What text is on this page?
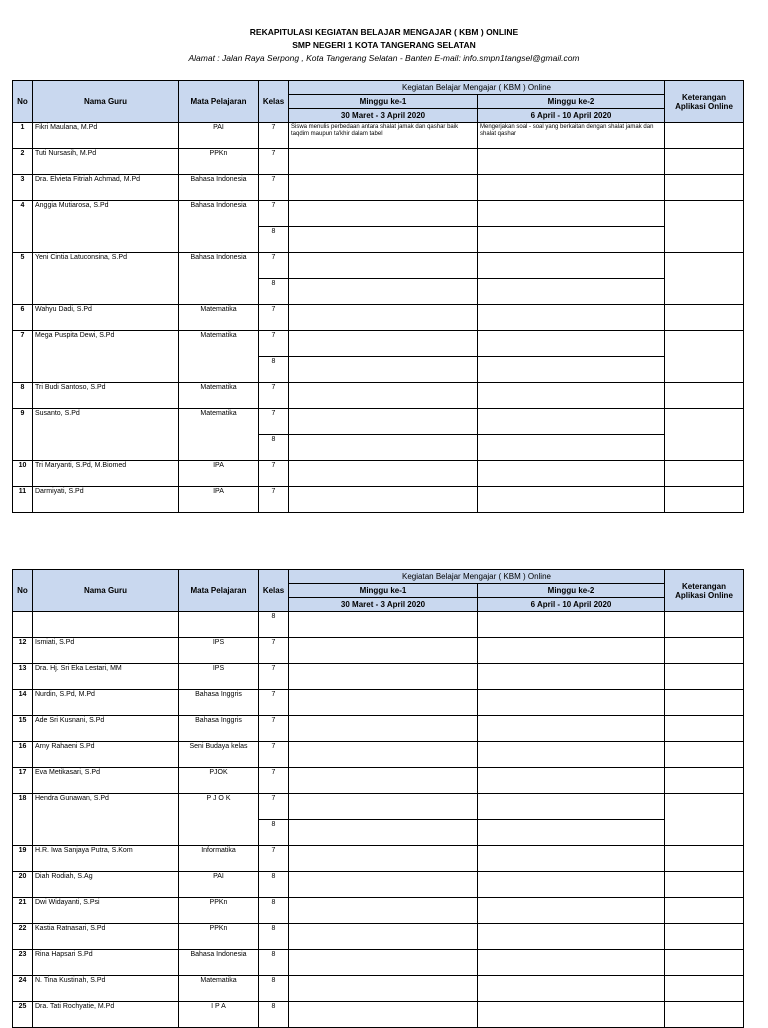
REKAPITULASI KEGIATAN BELAJAR MENGAJAR ( KBM ) ONLINE
SMP NEGERI 1 KOTA TANGERANG SELATAN
Alamat : Jalan Raya Serpong , Kota Tangerang Selatan - Banten E-mail: info.smpn1tangsel@gmail.com
No	Nama Guru	Mata Pelajaran	Kelas	Kegiatan Belajar Mengajar ( KBM ) Online		Keterangan Aplikasi Online
				Minggu ke-1	Minggu ke-2	
				30 Maret - 3 April 2020	6 April - 10 April 2020	
1	Fikri Maulana, M.Pd	PAI	7	Siswa menulis perbedaan antara shalat jamak dan qashar baik taqdim maupun ta'khir dalam tabel	Mengerjakan soal - soal yang berkaitan dengan shalat jamak dan shalat qashar	
2	Tuti Nursasih, M.Pd	PPKn	7			
3	Dra. Elvieta Fitriah Achmad, M.Pd	Bahasa Indonesia	7			
4	Anggia Mutiarosa, S.Pd	Bahasa Indonesia	7			
			8			
5	Yeni Cintia Latuconsina, S.Pd	Bahasa Indonesia	7			
			8			
6	Wahyu Dadi, S.Pd	Matematika	7			
7	Mega Puspita Dewi, S.Pd	Matematika	7			
			8			
8	Tri Budi Santoso, S.Pd	Matematika	7			
9	Susanto, S.Pd	Matematika	7			
			8			
10	Tri Maryanti, S.Pd, M.Biomed	IPA	7			
11	Darmiyati, S.Pd	IPA	7			
No	Nama Guru	Mata Pelajaran	Kelas	Kegiatan Belajar Mengajar ( KBM ) Online		Keterangan Aplikasi Online
				Minggu ke-1	Minggu ke-2	
				30 Maret - 3 April 2020	6 April - 10 April 2020	
			8			
12	Ismiati, S.Pd	IPS	7			
13	Dra. Hj. Sri Eka Lestari, MM	IPS	7			
14	Nurdin, S.Pd, M.Pd	Bahasa Inggris	7			
15	Ade Sri Kusnani, S.Pd	Bahasa Inggris	7			
16	Arny Rahaeni S.Pd	Seni Budaya kelas	7			
17	Eva Metikasari, S.Pd	PJOK	7			
18	Hendra Gunawan, S.Pd	P J O K	7			
			8			
19	H.R. Iwa Sanjaya Putra, S.Kom	Informatika	7			
20	Diah Rodiah, S.Ag	PAI	8			
21	Dwi Widayanti, S.Psi	PPKn	8			
22	Kastia Ratnasari, S.Pd	PPKn	8			
23	Rina Hapsari S.Pd	Bahasa Indonesia	8			
24	N. Tina Kustinah, S.Pd	Matematika	8			
25	Dra. Tati Rochyatie, M.Pd	I P A	8			
